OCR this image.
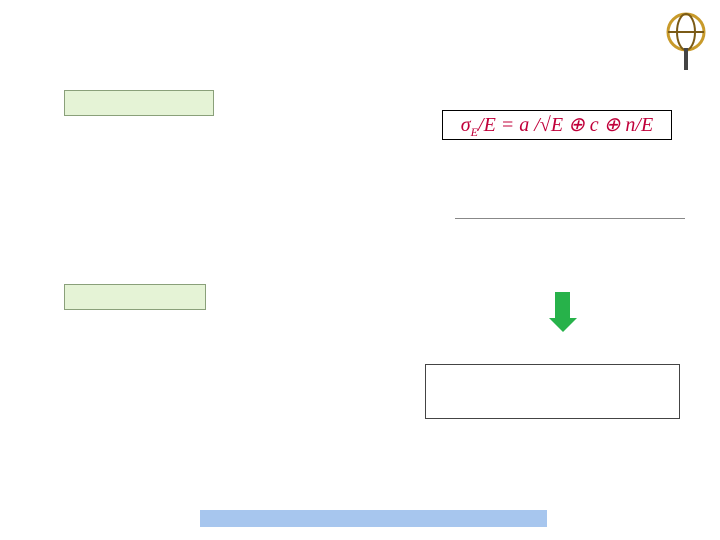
$\sigma_E/E = a$ /√E ⊕ c ⊕ n/E
